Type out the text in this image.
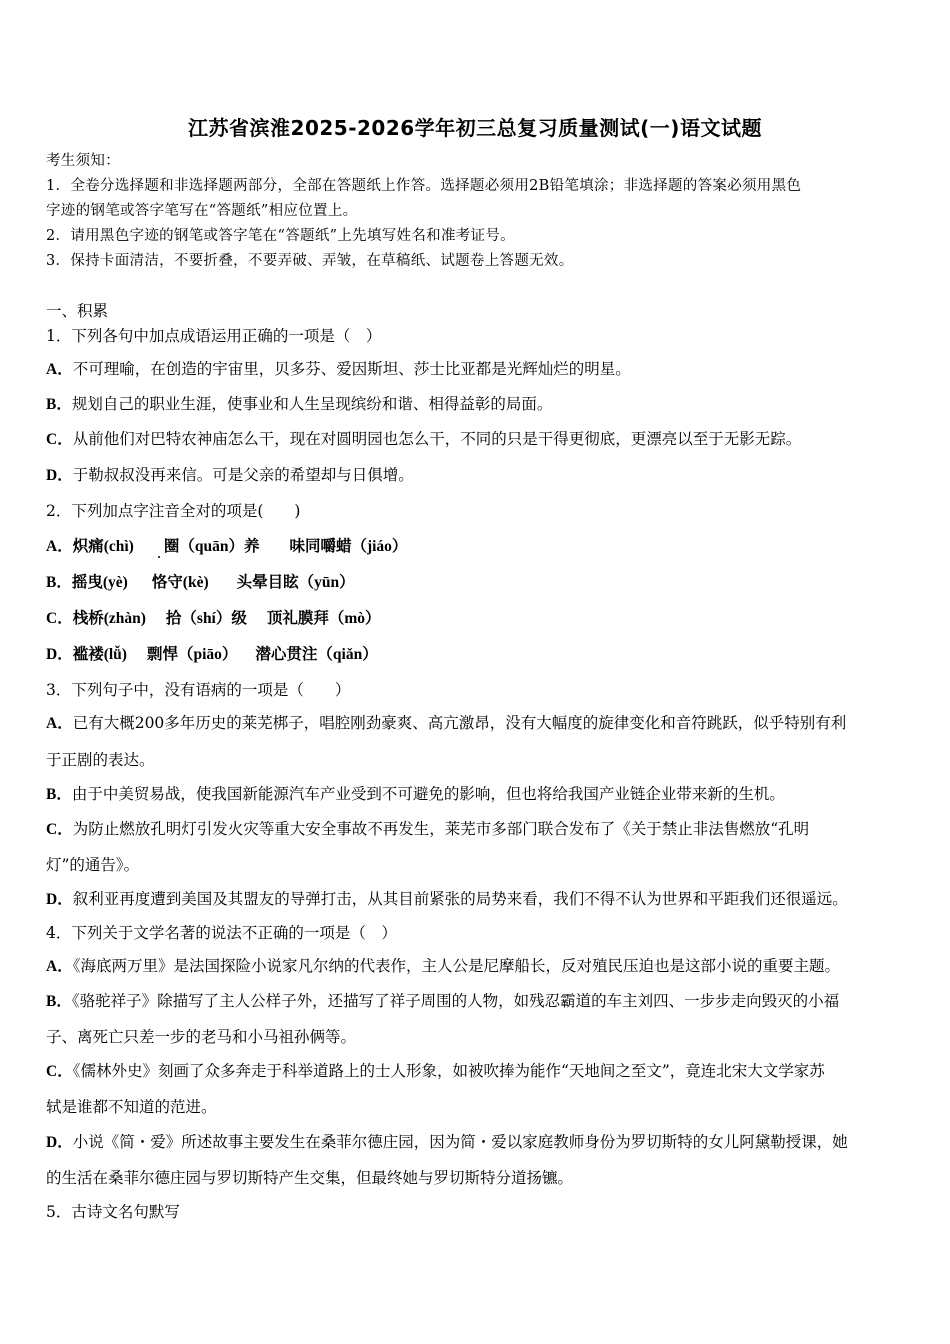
江苏省滨淮2025-2026学年初三总复习质量测试(一)语文试题
考生须知：
1．全卷分选择题和非选择题两部分，全部在答题纸上作答。选择题必须用2B铅笔填涂；非选择题的答案必须用黑色
字迹的钢笔或答字笔写在“答题纸”相应位置上。
2．请用黑色字迹的钢笔或答字笔在“答题纸”上先填写姓名和准考证号。
3．保持卡面清洁，不要折叠，不要弄破、弄皱，在草稿纸、试题卷上答题无效。
一、积累
1．下列各句中加点成语运用正确的一项是（　）
A．不可理喻，在创造的宇宙里，贝多芬、爱因斯坦、莎士比亚都是光辉灿烂的明星。
B．规划自己的职业生涯，使事业和人生呈现缤纷和谐、相得益彰的局面。
C．从前他们对巴特农神庙怎么干，现在对圆明园也怎么干，不同的只是干得更彻底，更漂亮以至于无影无踪。
D．于勒叔叔没再来信。可是父亲的希望却与日俱增。
2．下列加点字注音全对的项是(　　)
A．炽痛(chì) 圈（quān）养 味同嚼蜡（jiáo）
B．摇曳(yè) 恪守(kè) 头晕目眩（yūn）
C．栈桥(zhàn) 拾（shí）级 顶礼膜拜（mò）
D．褴褛(lǚ) 剽悍（piāo） 潜心贯注（qiǎn）
3．下列句子中，没有语病的一项是（　　）
A．已有大概200多年历史的莱芜梆子，唱腔刚劲豪爽、高亢激昂，没有大幅度的旋律变化和音符跳跃，似乎特别有利
于正剧的表达。
B．由于中美贸易战，使我国新能源汽车产业受到不可避免的影响，但也将给我国产业链企业带来新的生机。
C．为防止燃放孔明灯引发火灾等重大安全事故不再发生，莱芜市多部门联合发布了《关于禁止非法售燃放“孔明
灯”的通告》。
D．叙利亚再度遭到美国及其盟友的导弹打击，从其目前紧张的局势来看，我们不得不认为世界和平距我们还很遥远。
4．下列关于文学名著的说法不正确的一项是（　）
A．《海底两万里》是法国探险小说家凡尔纳的代表作，主人公是尼摩船长，反对殖民压迫也是这部小说的重要主题。
B．《骆驼祥子》除描写了主人公样子外，还描写了祥子周围的人物，如残忍霸道的车主刘四、一步步走向毁灭的小福
子、离死亡只差一步的老马和小马祖孙俩等。
C．《儒林外史》刻画了众多奔走于科举道路上的士人形象，如被吹捧为能作“天地间之至文”，竟连北宋大文学家苏
轼是谁都不知道的范进。
D．小说《简・爱》所述故事主要发生在桑菲尔德庄园，因为简・爱以家庭教师身份为罗切斯特的女儿阿黛勒授课，她
的生活在桑菲尔德庄园与罗切斯特产生交集，但最终她与罗切斯特分道扬镳。
5．古诗文名句默写
